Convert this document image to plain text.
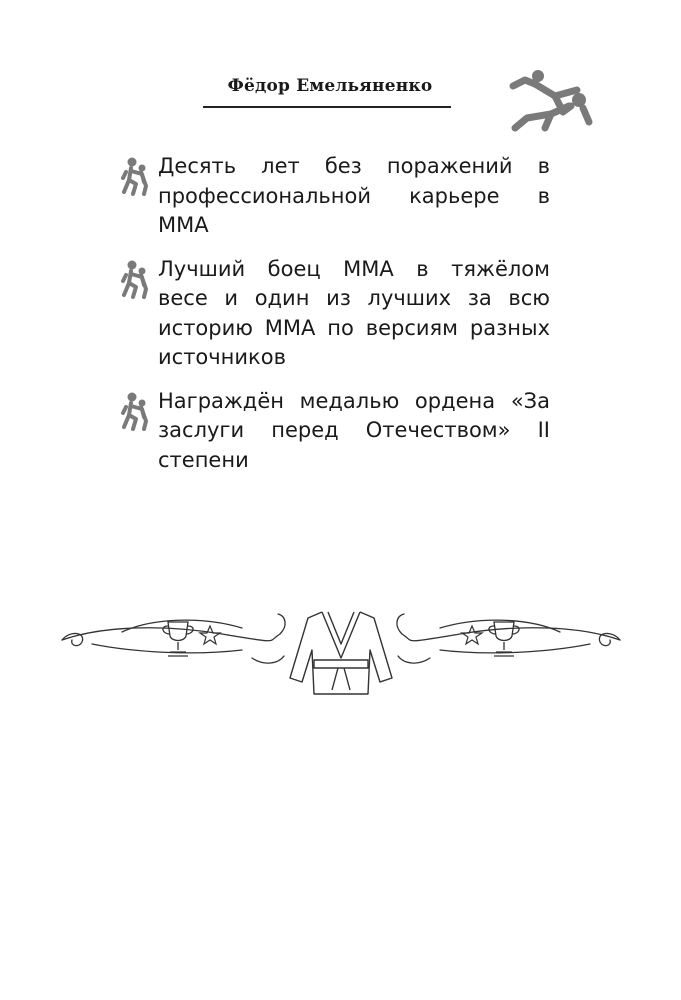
Фёдор Емельяненко
Десять лет без поражений в профессиональной карьере в ММА
Лучший боец ММА в тяжёлом весе и один из лучших за всю историю ММА по версиям разных источников
Награждён медалью ордена «За заслуги перед Отечеством» II степени
